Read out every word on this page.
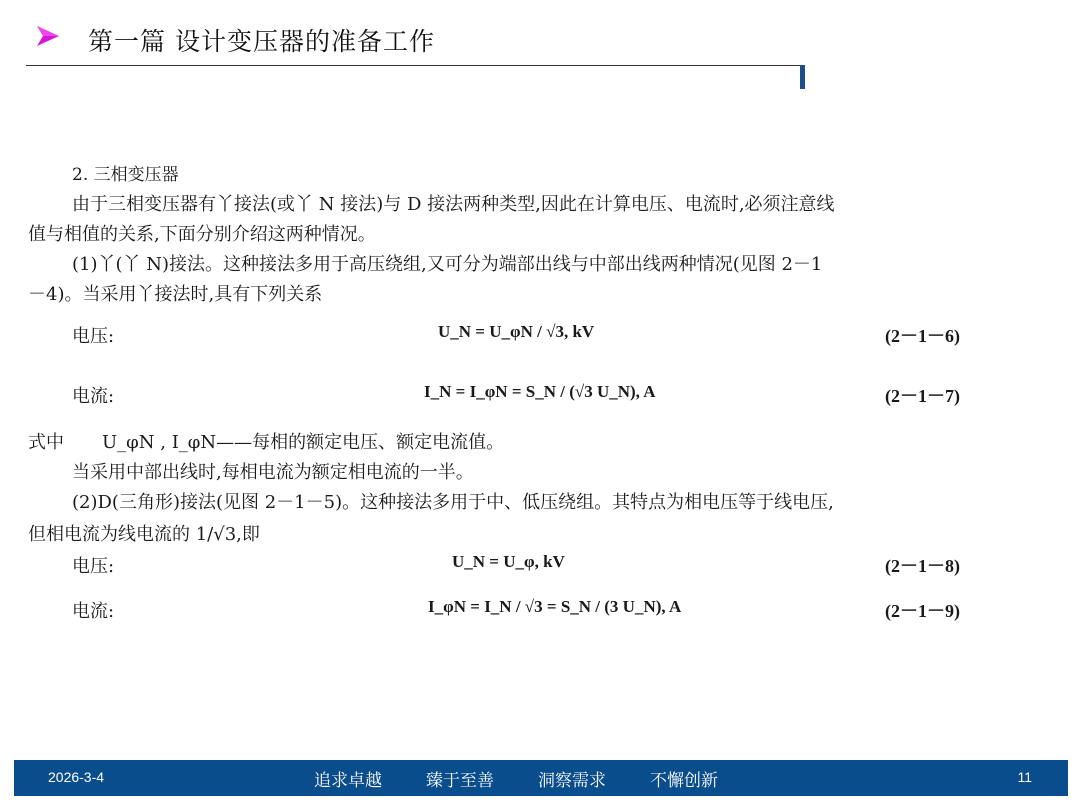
第一篇 设计变压器的准备工作
2. 三相变压器
由于三相变压器有丫接法(或丫 N 接法)与 D 接法两种类型,因此在计算电压、电流时,必须注意线
值与相值的关系,下面分别介绍这两种情况。
(1)丫(丫 N)接法。这种接法多用于高压绕组,又可分为端部出线与中部出线两种情况(见图 2－1
－4)。当采用丫接法时,具有下列关系
电压:	U_N = U_φN / √3, kV	(2－1－6)
电流:	I_N = I_φN = S_N / (√3 U_N), A	(2－1－7)
式中 U_φN , I_φN——每相的额定电压、额定电流值。
当采用中部出线时,每相电流为额定相电流的一半。
(2)D(三角形)接法(见图 2－1－5)。这种接法多用于中、低压绕组。其特点为相电压等于线电压,
但相电流为线电流的 1/√3,即
电压:	U_N = U_φ, kV	(2－1－8)
电流:	I_φN = I_N / √3 = S_N / (3 U_N), A	(2－1－9)
2026-3-4	追求卓越	臻于至善	洞察需求	不懈创新	11
